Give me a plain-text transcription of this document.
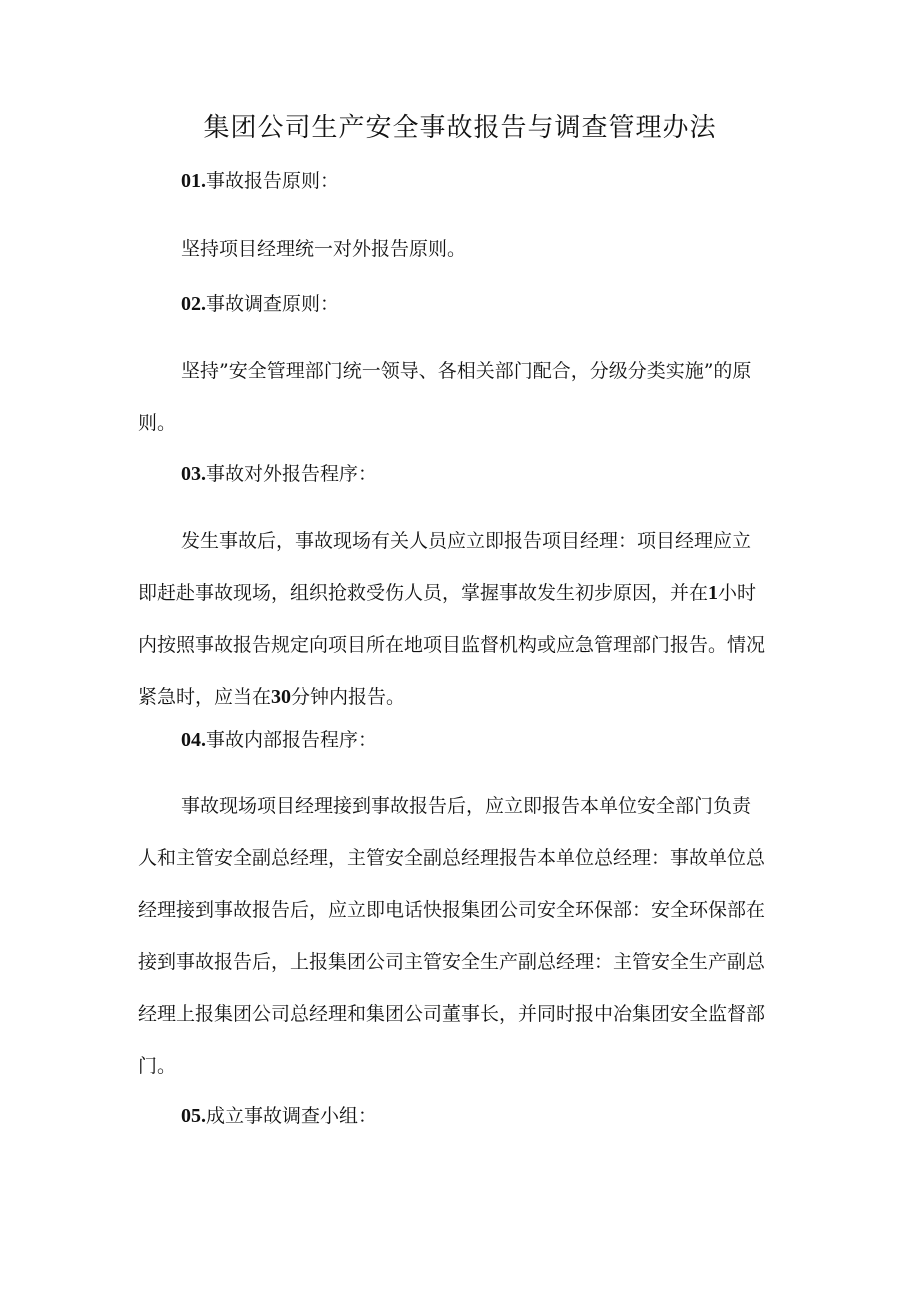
集团公司生产安全事故报告与调查管理办法
01.事故报告原则：
坚持项目经理统一对外报告原则。
02.事故调查原则：
坚持”安全管理部门统一领导、各相关部门配合，分级分类实施”的原
则。
03.事故对外报告程序：
发生事故后，事故现场有关人员应立即报告项目经理：项目经理应立
即赶赴事故现场，组织抢救受伤人员，掌握事故发生初步原因，并在1小时
内按照事故报告规定向项目所在地项目监督机构或应急管理部门报告。情况
紧急时，应当在30分钟内报告。
04.事故内部报告程序：
事故现场项目经理接到事故报告后，应立即报告本单位安全部门负责
人和主管安全副总经理，主管安全副总经理报告本单位总经理：事故单位总
经理接到事故报告后，应立即电话快报集团公司安全环保部：安全环保部在
接到事故报告后，上报集团公司主管安全生产副总经理：主管安全生产副总
经理上报集团公司总经理和集团公司董事长，并同时报中冶集团安全监督部
门。
05.成立事故调查小组：
